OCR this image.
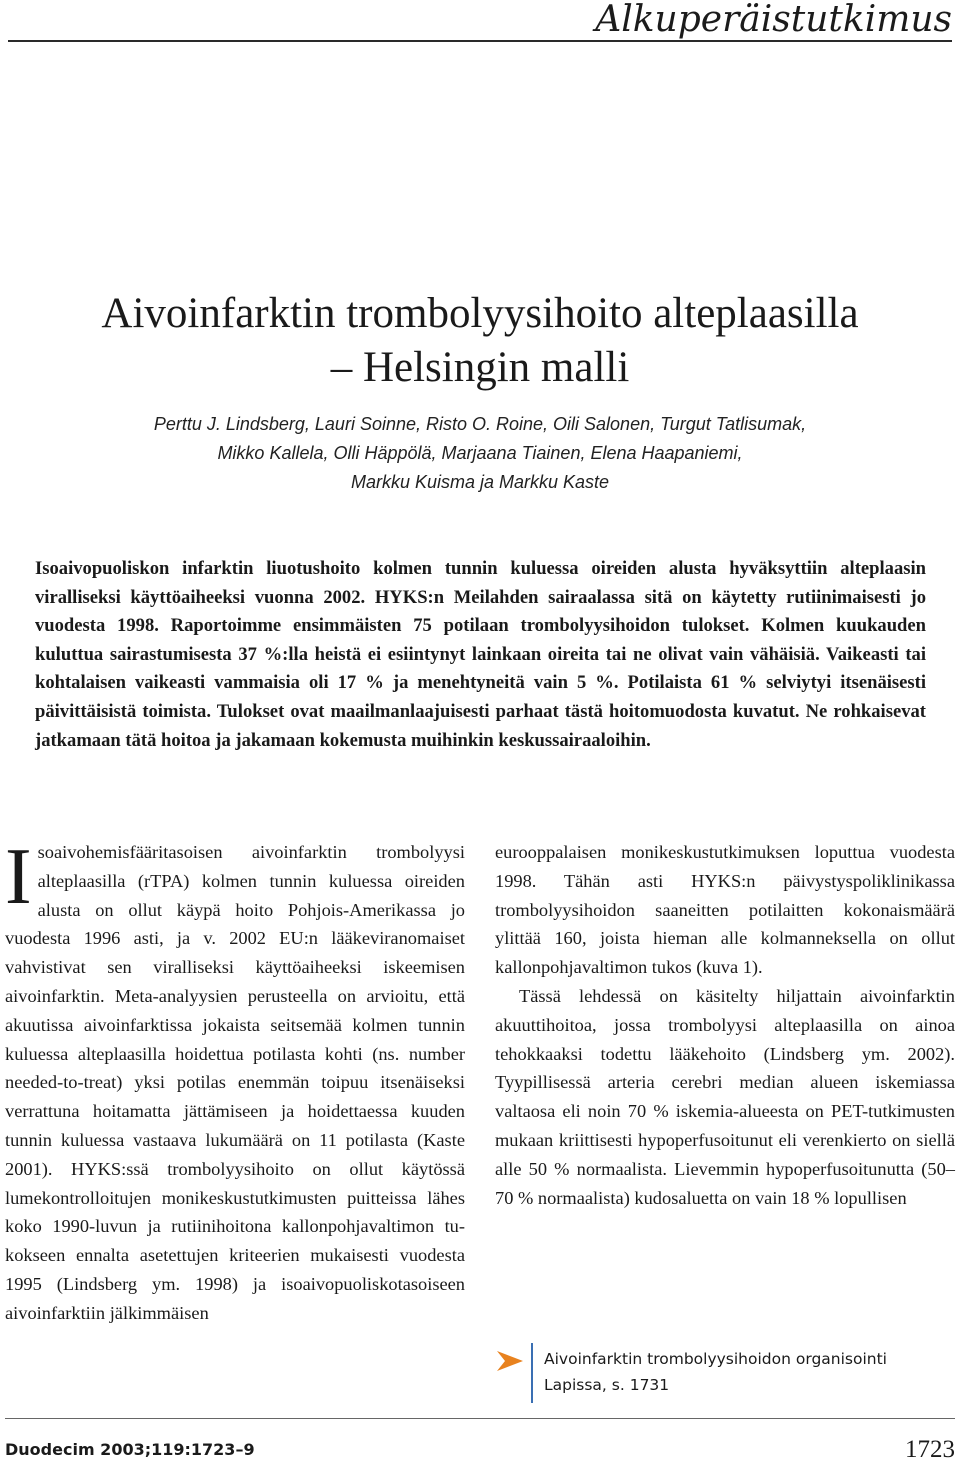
Alkuperäistutkimus
Aivoinfarktin trombolyysihoito alteplaasilla
– Helsingin malli
Perttu J. Lindsberg, Lauri Soinne, Risto O. Roine, Oili Salonen, Turgut Tatlisumak,
Mikko Kallela, Olli Häppölä, Marjaana Tiainen, Elena Haapaniemi,
Markku Kuisma ja Markku Kaste
Isoaivopuoliskon infarktin liuotushoito kolmen tunnin kuluessa oireiden alusta hyväksyttiin alteplaasin viralliseksi käyttöaiheeksi vuonna 2002. HYKS:n Meilahden sairaalassa sitä on käytetty rutiinimaisesti jo vuodesta 1998. Raportoimme ensimmäisten 75 potilaan trombolyysihoidon tulokset. Kolmen kuukauden kuluttua sairastumisesta 37 %:lla heistä ei esiintynyt lainkaan oireita tai ne olivat vain vähäisiä. Vaikeasti tai kohtalaisen vaikeasti vammaisia oli 17 % ja menehtyneitä vain 5 %. Potilaista 61 % selviytyi itsenäisesti päivittäisistä toimista. Tulokset ovat maailmanlaajuisesti parhaat tästä hoitomuodosta kuvatut. Ne rohkaisevat jatkamaan tätä hoitoa ja jakamaan kokemusta muihinkin keskussairaaloihin.

Isoaivohemisfääritasoisen aivoinfarktin trombolyysi alteplaasilla (rTPA) kolmen tunnin kuluessa oireiden alusta on ollut käypä hoito Pohjois-Amerikassa jo vuodesta 1996 asti, ja v. 2002 EU:n lääkeviranomaiset vahvistivat sen viralliseksi käyttöaiheeksi iskeemisen aivoinfarktin. Meta-analyysien perusteella on arvioitu, että akuutissa aivoinfarktissa jokaista seitsemää kolmen tunnin kuluessa alteplaasilla hoidettua potilasta kohti (ns. number needed-to-treat) yksi potilas enemmän toipuu itsenäiseksi verrattuna hoitamatta jättämiseen ja hoidettaessa kuuden tunnin kuluessa vastaava lukumäärä on 11 potilasta (Kaste 2001). HYKS:ssä trombolyysihoito on ollut käytössä lumekontrolloitujen monikeskustutkimusten puitteissa lähes koko 1990-luvun ja rutiinihoitona kallonpohjavaltimon tukokseen ennalta asetettujen kriteerien mukaisesti vuodesta 1995 (Lindsberg ym. 1998) ja isoaivopuoliskotasoiseen aivoinfarktiin jälkimmäisen

eurooppalaisen monikeskustutkimuksen loputtua vuodesta 1998. Tähän asti HYKS:n päivystyspoliklinikassa trombolyysihoidon saaneitten potilaitten kokonaismäärä ylittää 160, joista hieman alle kolmanneksella on ollut kallonpohjavaltimon tukos (kuva 1).

Tässä lehdessä on käsitelty hiljattain aivoinfarktin akuuttihoitoa, jossa trombolyysi alteplaasilla on ainoa tehokkaaksi todettu lääkehoito (Lindsberg ym. 2002). Tyypillisessä arteria cerebri median alueen iskemiassa valtaosa eli noin 70 % iskemia-alueesta on PET-tutkimusten mukaan kriittisesti hypoperfusoitunut eli verenkierto on siellä alle 50 % normaalista. Lievemmin hypoperfusoitunutta (50–70 % normaalista) kudosaluetta on vain 18 % lopullisen

Aivoinfarktin trombolyysihoidon organisointi
Lapissa, s. 1731
Duodecim 2003;119:1723–9	1723
